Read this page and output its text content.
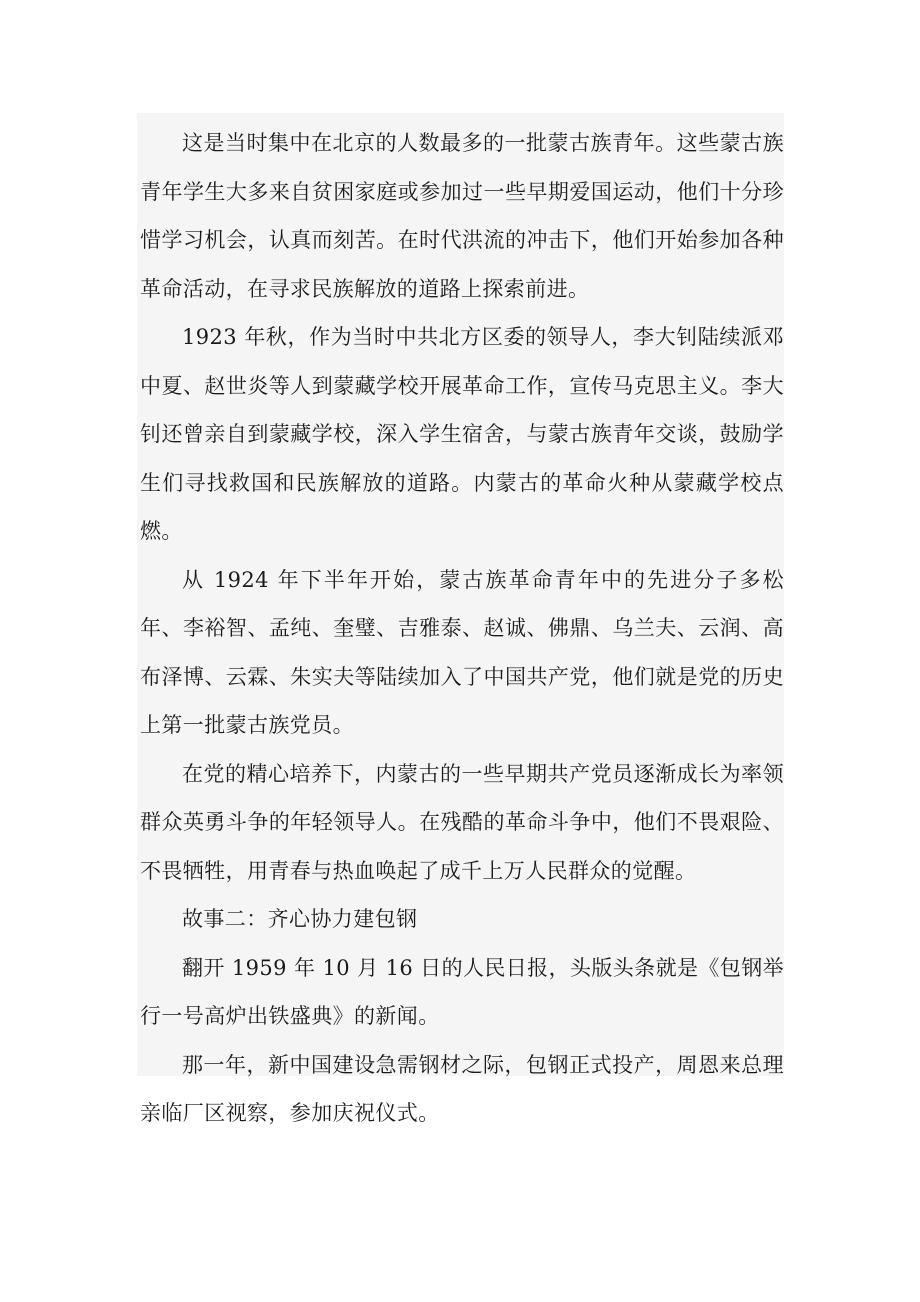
这是当时集中在北京的人数最多的一批蒙古族青年。这些蒙古族青年学生大多来自贫困家庭或参加过一些早期爱国运动，他们十分珍惜学习机会，认真而刻苦。在时代洪流的冲击下，他们开始参加各种革命活动，在寻求民族解放的道路上探索前进。

1923 年秋，作为当时中共北方区委的领导人，李大钊陆续派邓中夏、赵世炎等人到蒙藏学校开展革命工作，宣传马克思主义。李大钊还曾亲自到蒙藏学校，深入学生宿舍，与蒙古族青年交谈，鼓励学生们寻找救国和民族解放的道路。内蒙古的革命火种从蒙藏学校点燃。

从 1924 年下半年开始，蒙古族革命青年中的先进分子多松年、李裕智、孟纯、奎璧、吉雅泰、赵诚、佛鼎、乌兰夫、云润、高布泽博、云霖、朱实夫等陆续加入了中国共产党，他们就是党的历史上第一批蒙古族党员。

在党的精心培养下，内蒙古的一些早期共产党员逐渐成长为率领群众英勇斗争的年轻领导人。在残酷的革命斗争中，他们不畏艰险、不畏牺牲，用青春与热血唤起了成千上万人民群众的觉醒。

故事二：齐心协力建包钢

翻开 1959 年 10 月 16 日的人民日报，头版头条就是《包钢举行一号高炉出铁盛典》的新闻。

那一年，新中国建设急需钢材之际，包钢正式投产，周恩来总理亲临厂区视察，参加庆祝仪式。
